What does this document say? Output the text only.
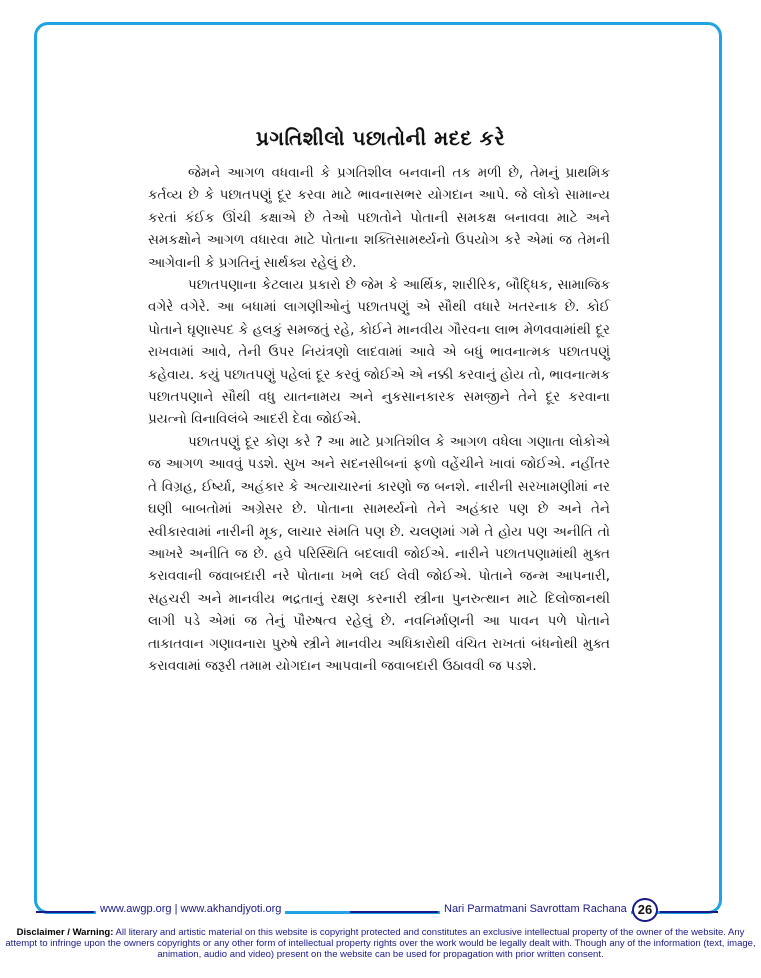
પ્રગતિશીલો પછાતોની મદદ કરે

જેમને આગળ વધવાની કે પ્રગતિશીલ બનવાની તક મળી છે, તેમનું પ્રાથમિક કર્તવ્ય છે કે પછાતપણું દૂર કરવા માટે ભાવનાસભર યોગદાન આપે. જે લોકો સામાન્ય કરતાં કંઈક ઊંચી કક્ષાએ છે તેઓ પછાતોને પોતાની સમકક્ષ બનાવવા માટે અને સમકક્ષોને આગળ વધારવા માટે પોતાના શક્તિસામર્થ્યનો ઉપયોગ કરે એમાં જ તેમની આગેવાની કે પ્રગતિનું સાર્થક્ય રહેલું છે.

પછાતપણાના કેટલાય પ્રકારો છે જેમ કે આર્થિક, શારીરિક, બૌદ્ધિક, સામાજિક વગેરે વગેરે. આ બધામાં લાગણીઓનું પછાતપણું એ સૌથી વધારે ખતરનાક છે. કોઈ પોતાને ઘૃણાસ્પદ કે હલકું સમજતું રહે, કોઈને માનવીય ગૌરવના લાભ મેળવવામાંથી દૂર રાખવામાં આવે, તેની ઉપર નિયંત્રણો લાદવામાં આવે એ બધું ભાવનાત્મક પછાતપણું કહેવાય. કયું પછાતપણું પહેલાં દૂર કરવું જોઈએ એ નક્કી કરવાનું હોય તો, ભાવનાત્મક પછાતપણાને સૌથી વધુ યાતનામય અને નુકસાનકારક સમજીને તેને દૂર કરવાના પ્રયત્નો વિનાવિલંબે આદરી દેવા જોઈએ.

પછાતપણું દૂર કોણ કરે ? આ માટે પ્રગતિશીલ કે આગળ વધેલા ગણાતા લોકોએ જ આગળ આવવું પડશે. સુખ અને સદનસીબનાં ફળો વહેંચીને ખાવાં જોઈએ. નહીંતર તે વિગ્રહ, ઈર્ષ્યા, અહંકાર કે અત્યાચારનાં કારણો જ બનશે. નારીની સરખામણીમાં નર ઘણી બાબતોમાં અગ્રેસર છે. પોતાના સામર્થ્યનો તેને અહંકાર પણ છે અને તેને સ્વીકારવામાં નારીની મૂક, લાચાર સંમતિ પણ છે. ચલણમાં ગમે તે હોય પણ અનીતિ તો આખરે અનીતિ જ છે. હવે પરિસ્થિતિ બદલાવી જોઈએ. નારીને પછાતપણામાંથી મુક્ત કરાવવાની જવાબદારી નરે પોતાના ખભે લઈ લેવી જોઈએ. પોતાને જન્મ આપનારી, સહચરી અને માનવીય ભદ્રતાનું રક્ષણ કરનારી સ્ત્રીના પુનરુત્થાન માટે દિલોજાનથી લાગી પડે એમાં જ તેનું પૌરુષત્વ રહેલું છે. નવનિર્માણની આ પાવન પળે પોતાને તાકાતવાન ગણાવનારા પુરુષે સ્ત્રીને માનવીય અધિકારોથી વંચિત રાખતાં બંધનોથી મુક્ત કરાવવામાં જરૂરી તમામ યોગદાન આપવાની જવાબદારી ઉઠાવવી જ પડશે.

www.awgp.org | www.akhandjyoti.org	Nari Parmatmani Savrottam Rachana 26

Disclaimer / Warning: All literary and artistic material on this website is copyright protected and constitutes an exclusive intellectual property of the owner of the website. Any attempt to infringe upon the owners copyrights or any other form of intellectual property rights over the work would be legally dealt with. Though any of the information (text, image, animation, audio and video) present on the website can be used for propagation with prior written consent.
